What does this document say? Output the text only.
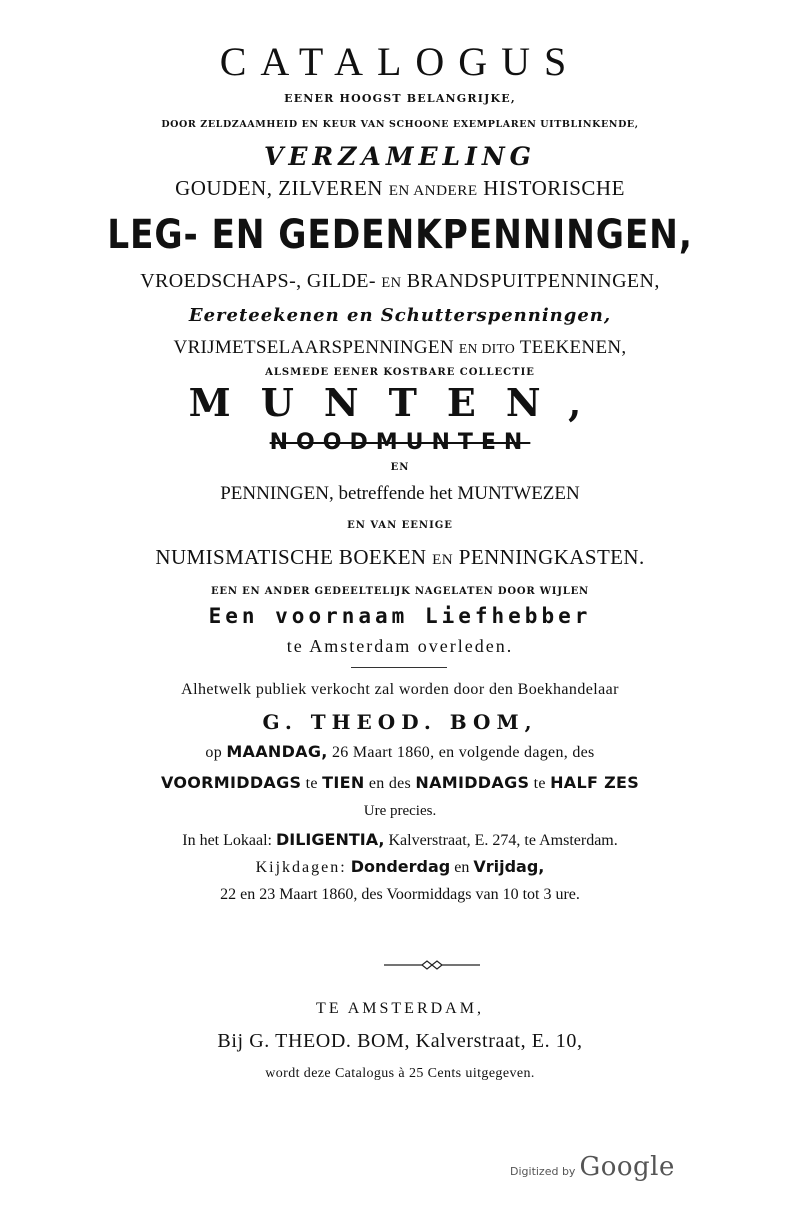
CATALOGUS
EENER HOOGST BELANGRIJKE,
DOOR ZELDZAAMHEID EN KEUR VAN SCHOONE EXEMPLAREN UITBLINKENDE,
VERZAMELING
GOUDEN, ZILVEREN EN ANDERE HISTORISCHE
LEG- EN GEDENKPENNINGEN,
VROEDSCHAPS-, GILDE- EN BRANDSPUITPENNINGEN,
Eereteekenen en Schutterspenningen,
VRIJMETSELAARSPENNINGEN EN DITO TEEKENEN,
ALSMEDE EENER KOSTBARE COLLECTIE
MUNTEN,
NOODMUNTEN
EN
PENNINGEN, betreffende het MUNTWEZEN
EN VAN EENIGE
NUMISMATISCHE BOEKEN EN PENNINGKASTEN.
EEN EN ANDER GEDEELTELIJK NAGELATEN DOOR WIJLEN
Een voornaam Liefhebber
te Amsterdam overleden.
Alhetwelk publiek verkocht zal worden door den Boekhandelaar
G. THEOD. BOM,
op MAANDAG, 26 Maart 1860, en volgende dagen, des
VOORMIDDAGS te TIEN en des NAMIDDAGS te HALF ZES
Ure precies.
In het Lokaal: DILIGENTIA, Kalverstraat, E. 274, te Amsterdam.
Kijkdagen: Donderdag en Vrijdag,
22 en 23 Maart 1860, des Voormiddags van 10 tot 3 ure.
TE AMSTERDAM,
Bij G. THEOD. BOM, Kalverstraat, E. 10,
wordt deze Catalogus à 25 Cents uitgegeven.
Digitized by Google
